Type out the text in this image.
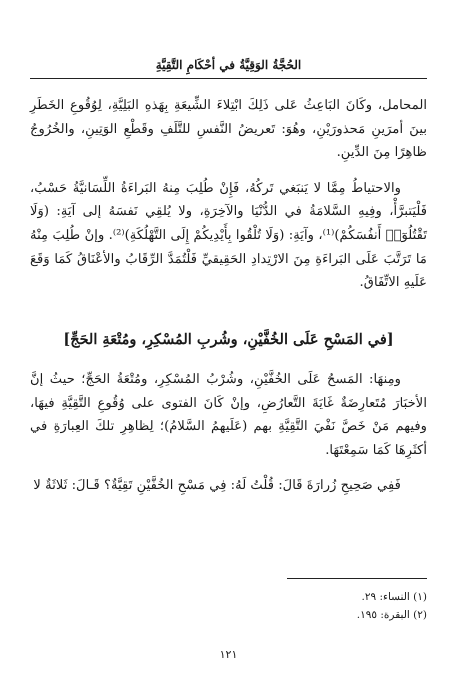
الحُجَّةُ الوَقِيَّةُ في أحْكَامِ التَّقِيَّةِ

المحامل، وكَانَ البَاعِثُ عَلى ذَلِكَ ابْتِلاءَ الشِّيعَةِ بِهَذهِ البَلِيَّةِ، لِوُقُوعِ الخَطَرِ بينَ أمرَينِ مَحذورَيْنِ، وهُوَ: تَعريضُ النَّفسِ للتَّلَفِ وقَطْعِ الوَتِينِ، والخُرُوجُ ظاهِرًا مِنَ الدِّينِ.

والاحتياطُ مِمَّا لا يَنبَغي تَركُهُ، فَإِنْ طُلِبَ مِنهُ البَراءَةُ اللِّسَانيَّةُ حَسْبُ، فَلْيَتبرَّأْ، وفِيهِ السَّلامَةُ في الدُّنْيَا والآخِرَةِ، ولا يُلقِي نَفسَهُ إلى آيَةِ: (وَلَا تَقْتُلُوٓا۟ أَنفُسَكُمْ)⁽¹⁾، وآيَةِ: (وَلَا تُلْقُوا بِأَيْدِيكُمْ إِلَى التَّهْلُكَةِ)⁽²⁾. وإنْ طُلِبَ مِنْهُ مَا تَرَتَّبَ عَلَى البَراءَةِ مِنَ الارْتِدادِ الحَقِيقيِّ فَلْتُمَدَّ الرِّقَابُ والأعْنَاقُ كَمَا وَقَعَ عَلَيهِ الاتِّفَاقُ.

[في المَسْحِ عَلَى الخُفَّيْنِ، وشُربِ المُسْكِرِ، ومُتْعَةِ الحَجِّ]

ومِنهَا: المَسحُ عَلَى الخُفَّيْنِ، وشُرْبُ المُسْكِرِ، ومُتْعَةُ الحَجِّ؛ حيثُ إنَّ الأخبَارَ مُتَعارِضَةٌ غَايَةَ التَّعارُضِ، وإنْ كَانَ الفتوى على وُقُوعِ التَّقِيَّةِ فيهَا، وفيهم مَنْ خَصَّ نَفْيَ التَّقِيَّةِ بهم (عَلَيهمُ السَّلامُ)؛ لِظاهِرِ تلكَ العِبارَةِ في أكثَرِهَا كَمَا سَمِعْتَهَا.

فَفِي صَحِيحِ زُرارَةَ قَالَ: قُلْتُ لَهُ: فِي مَسْحِ الخُفَّيْنِ تَقِيَّةٌ؟ قَـالَ: ثَلاثَةٌ لا

(١) النساء: ٢٩.
(٢) البقرة: ١٩٥.
١٢١
